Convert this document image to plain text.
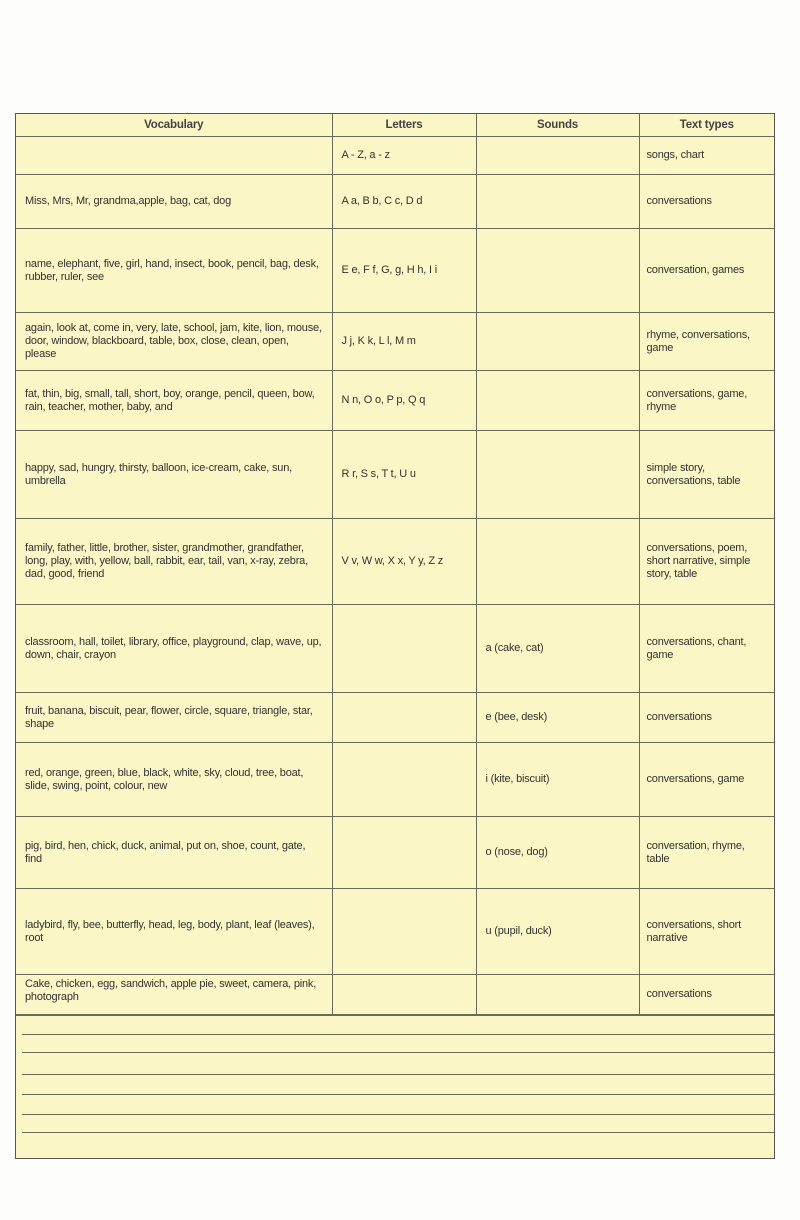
Vocabulary	Letters	Sounds	Text types
	A - Z, a - z		songs, chart
Miss, Mrs, Mr, grandma,apple, bag, cat, dog	A a, B b, C c, D d		conversations
name, elephant, five, girl, hand, insect, book, pencil, bag, desk, rubber, ruler, see	E e, F f, G, g, H h, I i		conversation, games
again, look at, come in, very, late, school, jam, kite, lion, mouse, door, window, blackboard, table, box, close, clean, open, please	J j, K k, L l, M m		rhyme, conversations, game
fat, thin, big, small, tall, short, boy, orange, pencil, queen, bow, rain, teacher, mother, baby, and	N n, O o, P p, Q q		conversations, game, rhyme
happy, sad, hungry, thirsty, balloon, ice-cream, cake, sun, umbrella	R r, S s, T t, U u		simple story, conversations, table
family, father, little, brother, sister, grandmother, grandfather, long, play, with, yellow, ball, rabbit, ear, tail, van, x-ray, zebra, dad, good, friend	V v, W w, X x, Y y, Z z		conversations, poem, short narrative, simple story, table
classroom, hall, toilet, library, office, playground, clap, wave, up, down, chair, crayon		a (cake, cat)	conversations, chant, game
fruit, banana, biscuit, pear, flower, circle, square, triangle, star, shape		e (bee, desk)	conversations
red, orange, green, blue, black, white, sky, cloud, tree, boat, slide, swing, point, colour, new		i (kite, biscuit)	conversations, game
pig, bird, hen, chick, duck, animal, put on, shoe, count, gate, find		o (nose, dog)	conversation, rhyme, table
ladybird, fly, bee, butterfly, head, leg, body, plant, leaf (leaves), root		u (pupil, duck)	conversations, short narrative
Cake, chicken, egg, sandwich, apple pie, sweet, camera, pink, photograph			conversations
